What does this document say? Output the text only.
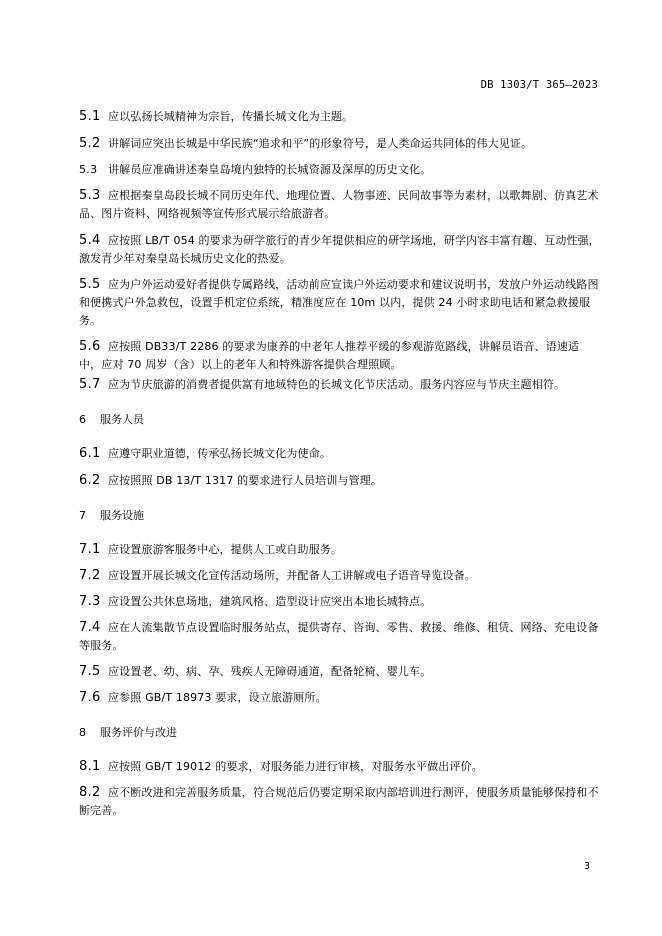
DB 1303/T 365—2023
5.1 应以弘扬长城精神为宗旨，传播长城文化为主题。
5.2 讲解词应突出长城是中华民族“追求和平”的形象符号，是人类命运共同体的伟大见证。
5.3 讲解员应准确讲述秦皇岛境内独特的长城资源及深厚的历史文化。
5.3 应根据秦皇岛段长城不同历史年代、地理位置、人物事迹、民间故事等为素材，以歌舞剧、仿真艺术品、图片资料、网络视频等宣传形式展示给旅游者。
5.4 应按照 LB/T 054 的要求为研学旅行的青少年提供相应的研学场地，研学内容丰富有趣、互动性强，激发青少年对秦皇岛长城历史文化的热爱。
5.5 应为户外运动爱好者提供专属路线，活动前应宣读户外运动要求和建议说明书，发放户外运动线路图和便携式户外急救包，设置手机定位系统，精准度应在 10m 以内，提供 24 小时求助电话和紧急救援服务。
5.6 应按照 DB33/T 2286 的要求为康养的中老年人推荐平缓的参观游览路线，讲解员语音、语速适中，应对 70 周岁（含）以上的老年人和特殊游客提供合理照顾。
5.7 应为节庆旅游的消费者提供富有地域特色的长城文化节庆活动。服务内容应与节庆主题相符。
6 服务人员
6.1 应遵守职业道德，传承弘扬长城文化为使命。
6.2 应按照照 DB 13/T 1317 的要求进行人员培训与管理。
7 服务设施
7.1 应设置旅游客服务中心，提供人工或自助服务。
7.2 应设置开展长城文化宣传活动场所，并配备人工讲解或电子语音导览设备。
7.3 应设置公共休息场地，建筑风格、造型设计应突出本地长城特点。
7.4 应在人流集散节点设置临时服务站点，提供寄存、咨询、零售、救援、维修、租赁、网络、充电设备等服务。
7.5 应设置老、幼、病、孕、残疾人无障碍通道，配备轮椅、婴儿车。
7.6 应参照 GB/T 18973 要求，设立旅游厕所。
8 服务评价与改进
8.1 应按照 GB/T 19012 的要求，对服务能力进行审核，对服务水平做出评价。
8.2 应不断改进和完善服务质量，符合规范后仍要定期采取内部培训进行测评，使服务质量能够保持和不断完善。
3
